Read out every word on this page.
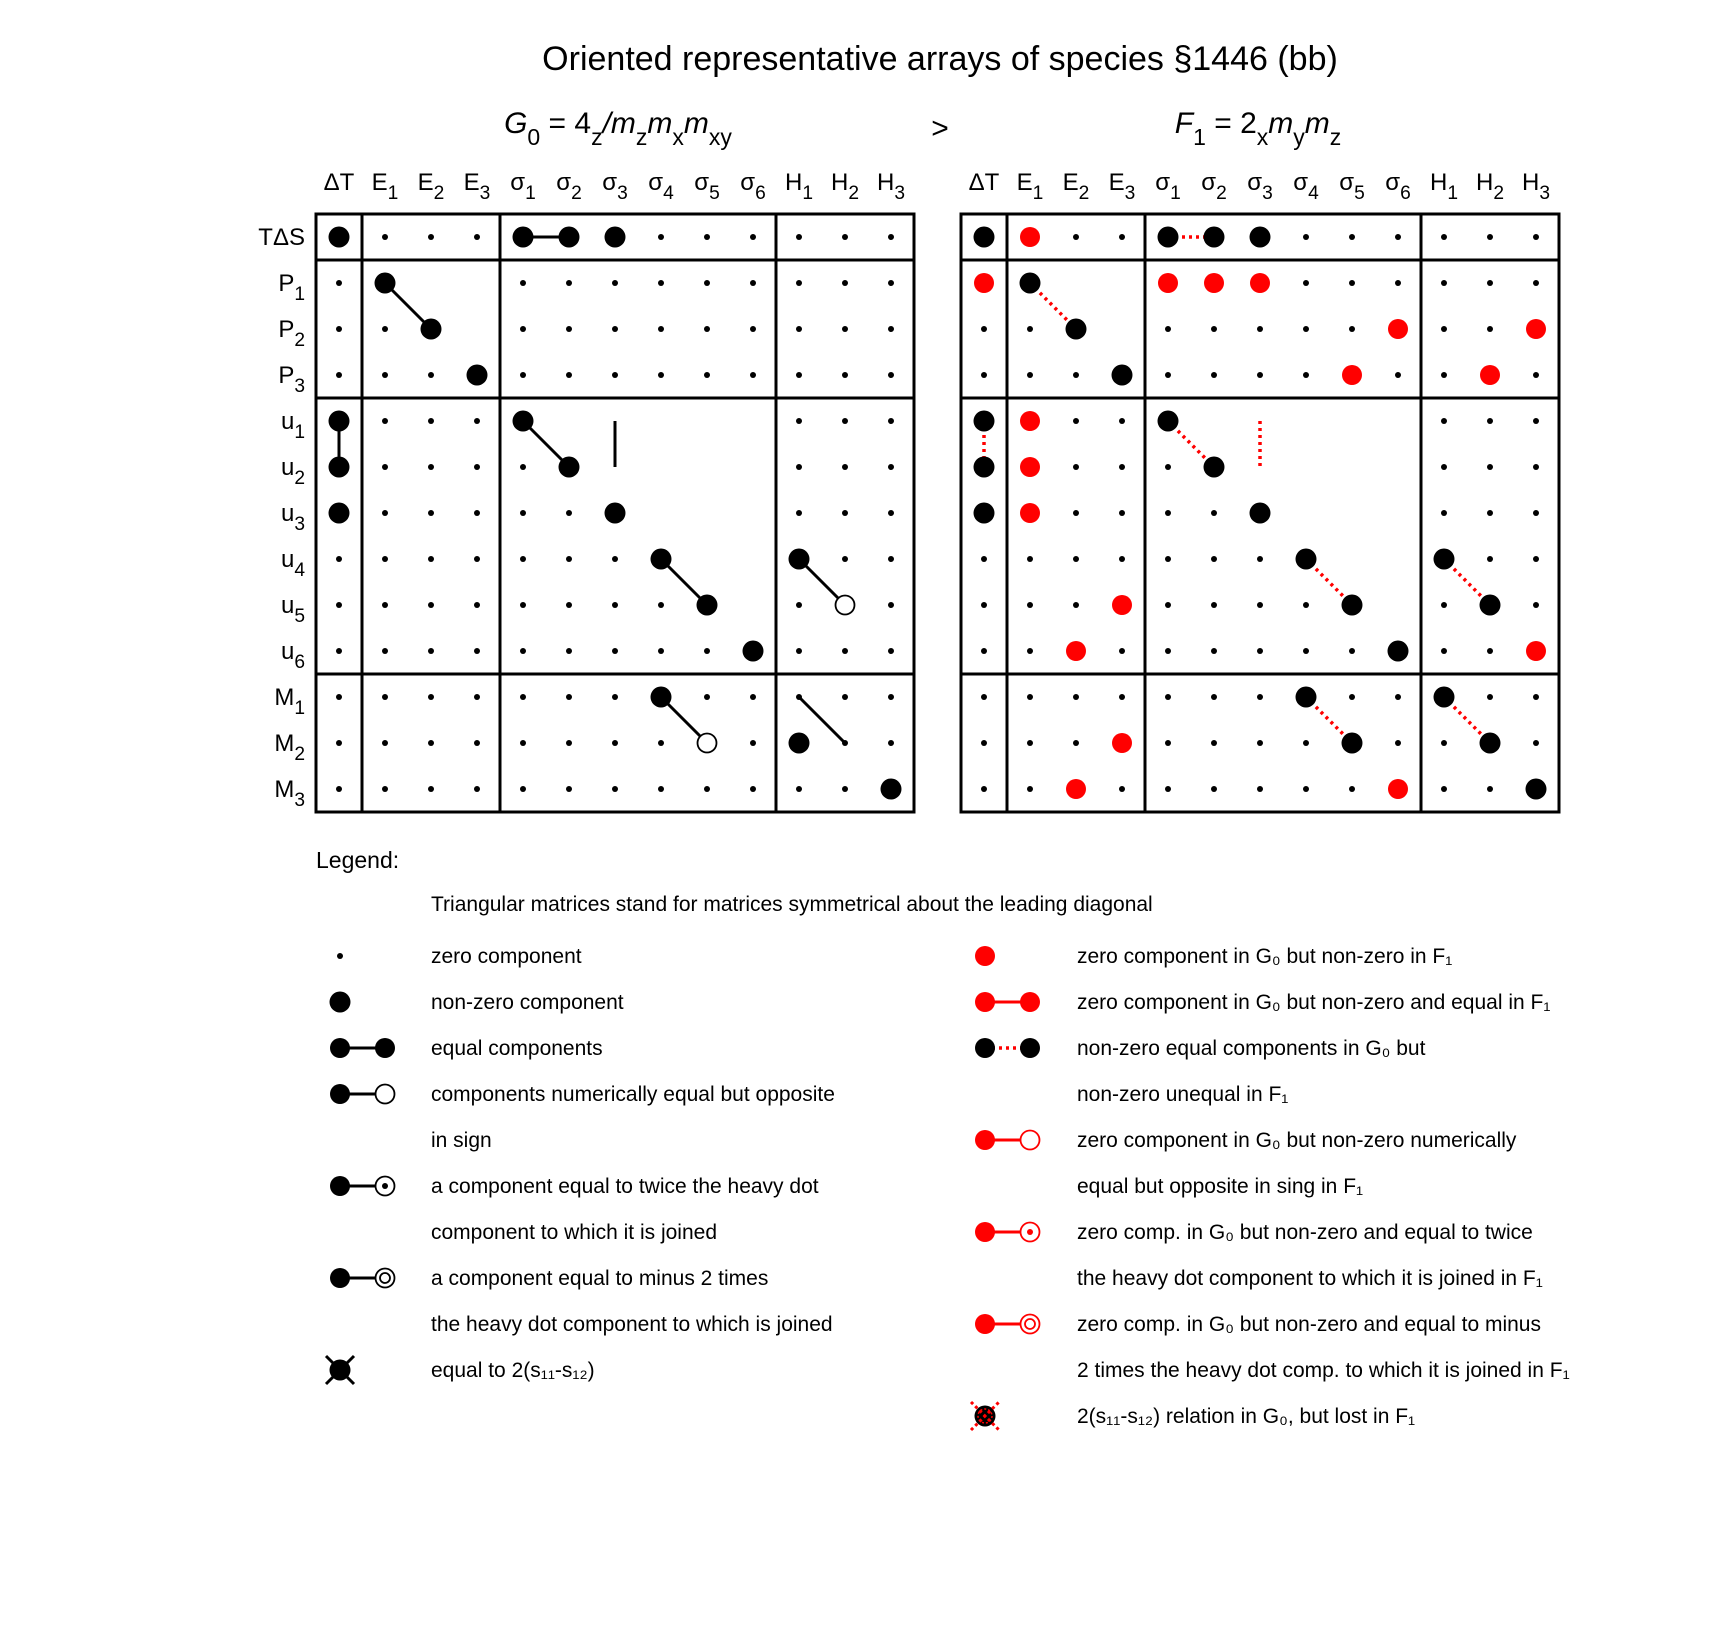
Oriented representative arrays of species §1446 (bb)
>
$G_0 = 4_z/m_zm_xm_{xy}$	$F_1 = 2_xm_ym_z$
ΔT $E_1$ $E_2$ $E_3$ $\sigma_1$ $\sigma_2$ $\sigma_3$ $\sigma_4$ $\sigma_5$ $\sigma_6$ $H_1$ $H_2$ $H_3$
TΔS
$P_1$
$P_2$
$P_3$
$u_1$
$u_2$
$u_3$
$u_4$
$u_5$
$u_6$
$M_1$
$M_2$
$M_3$
ΔT $E_1$ $E_2$ $E_3$ $\sigma_1$ $\sigma_2$ $\sigma_3$ $\sigma_4$ $\sigma_5$ $\sigma_6$ $H_1$ $H_2$ $H_3$
Legend:
Triangular matrices stand for matrices symmetrical about the leading diagonal
zero component
non-zero component
equal components
components numerically equal but opposite
in sign
a component equal to twice the heavy dot
component to which it is joined
a component equal to minus 2 times
the heavy dot component to which is joined
equal to 2(s₁₁-s₁₂)
zero component in G₀ but non-zero in F₁
zero component in G₀ but non-zero and equal in F₁
non-zero equal components in G₀ but
non-zero unequal in F₁
zero component in G₀ but non-zero numerically
equal but opposite in sing in F₁
zero comp. in G₀ but non-zero and equal to twice
the heavy dot component to which it is joined in F₁
zero comp. in G₀ but non-zero and equal to minus
2 times the heavy dot comp. to which it is joined in F₁
2(s₁₁-s₁₂) relation in G₀, but lost in F₁
